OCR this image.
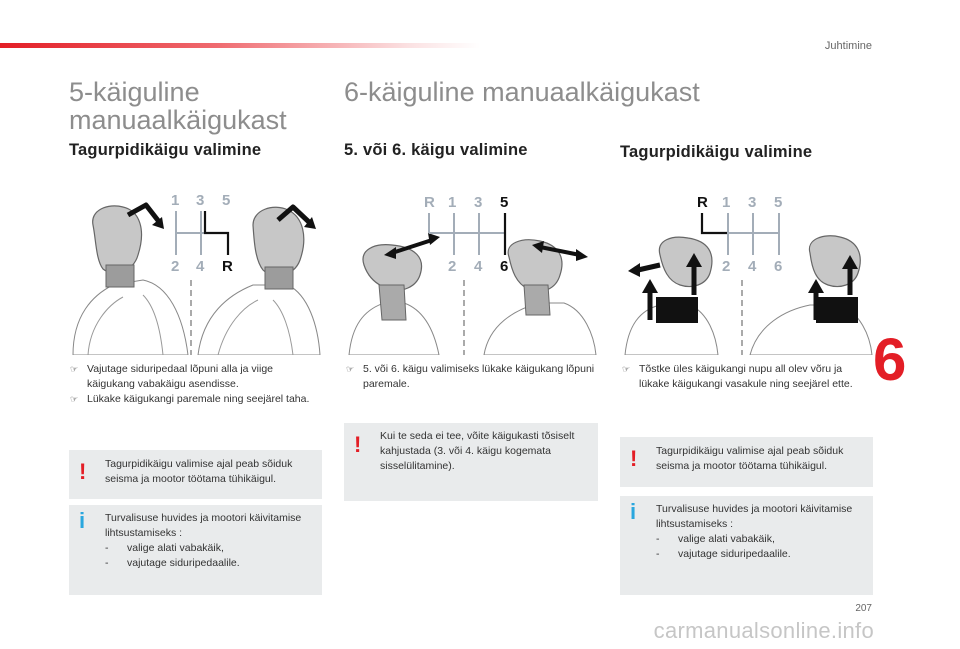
Juhtimine
5-käiguline
manuaalkäigukast
Tagurpidikäigu valimine
1 3 5
2 4 R
☞ Vajutage siduripedaal lõpuni alla ja viige käigukang vabakäigu asendisse.
☞ Lükake käigukangi paremale ning seejärel taha.
! Tagurpidikäigu valimise ajal peab sõiduk seisma ja mootor töötama tühikäigul.
i Turvalisuse huvides ja mootori käivitamise lihtsustamiseks :
- valige alati vabakäik,
- vajutage siduripedaalile.
6-käiguline manuaalkäigukast
5. või 6. käigu valimine	Tagurpidikäigu valimine
R 1 3 5
2 4 6
R 1 3 5
2 4 6
☞ 5. või 6. käigu valimiseks lükake käigukang lõpuni paremale.
! Kui te seda ei tee, võite käigukasti tõsiselt kahjustada (3. või 4. käigu kogemata sisselülitamine).
☞ Tõstke üles käigukangi nupu all olev võru ja lükake käigukangi vasakule ning seejärel ette.
! Tagurpidikäigu valimise ajal peab sõiduk seisma ja mootor töötama tühikäigul.
i Turvalisuse huvides ja mootori käivitamise lihtsustamiseks :
- valige alati vabakäik,
- vajutage siduripedaalile.
6
207
carmanualsonline.info
